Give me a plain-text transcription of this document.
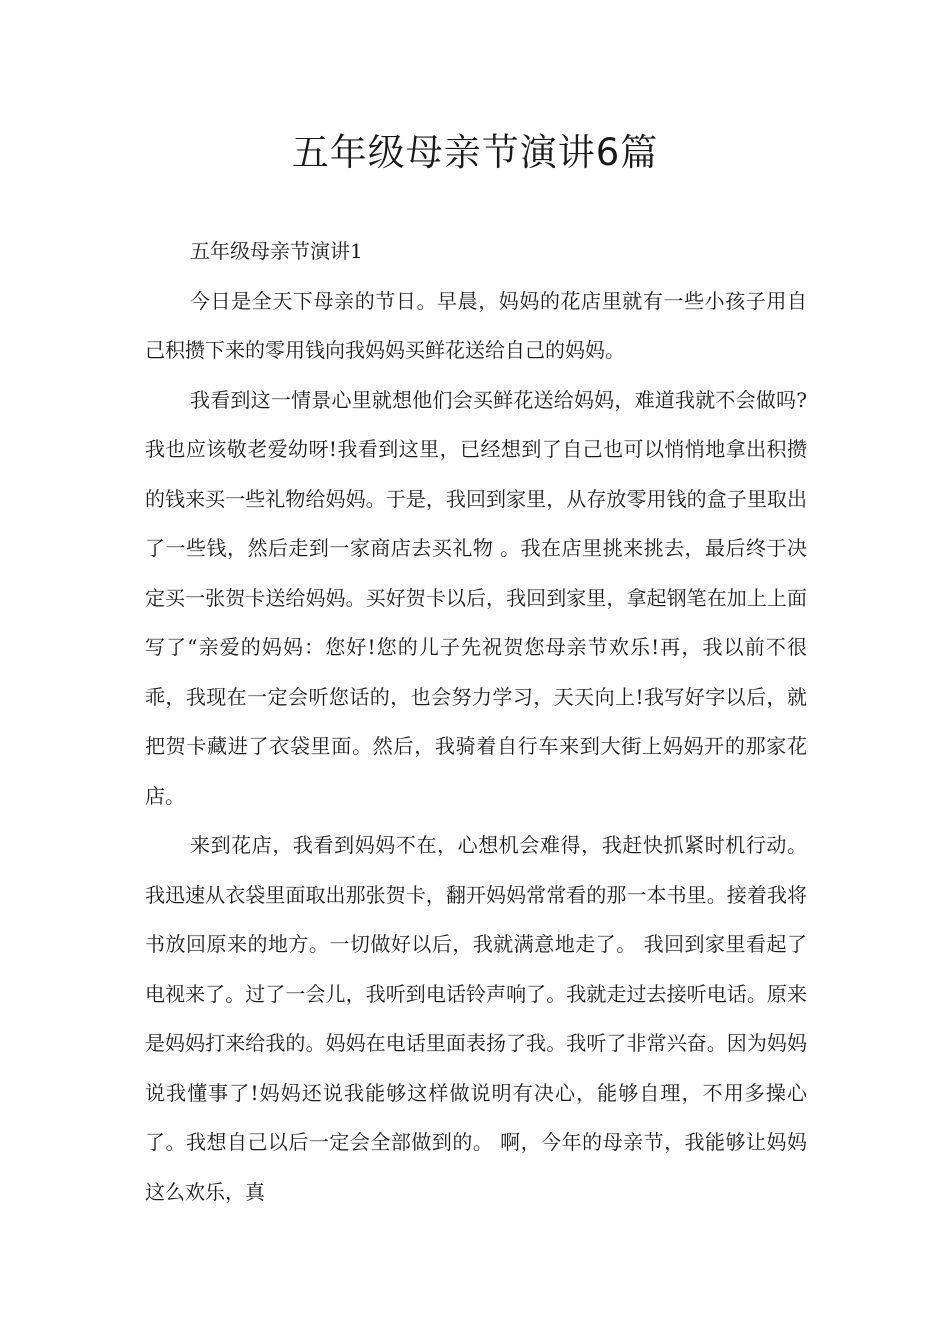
五年级母亲节演讲6篇

五年级母亲节演讲1

今日是全天下母亲的节日。早晨，妈妈的花店里就有一些小孩子用自己积攒下来的零用钱向我妈妈买鲜花送给自己的妈妈。

我看到这一情景心里就想他们会买鲜花送给妈妈，难道我就不会做吗?我也应该敬老爱幼呀!我看到这里，已经想到了自己也可以悄悄地拿出积攒的钱来买一些礼物给妈妈。于是，我回到家里，从存放零用钱的盒子里取出了一些钱，然后走到一家商店去买礼物 。我在店里挑来挑去，最后终于决定买一张贺卡送给妈妈。买好贺卡以后，我回到家里，拿起钢笔在加上上面写了“亲爱的妈妈：您好!您的儿子先祝贺您母亲节欢乐!再，我以前不很乖，我现在一定会听您话的，也会努力学习，天天向上!我写好字以后，就把贺卡藏进了衣袋里面。然后，我骑着自行车来到大街上妈妈开的那家花店。

来到花店，我看到妈妈不在，心想机会难得，我赶快抓紧时机行动。我迅速从衣袋里面取出那张贺卡，翻开妈妈常常看的那一本书里。接着我将书放回原来的地方。一切做好以后，我就满意地走了。 我回到家里看起了电视来了。过了一会儿，我听到电话铃声响了。我就走过去接听电话。原来是妈妈打来给我的。妈妈在电话里面表扬了我。我听了非常兴奋。因为妈妈说我懂事了!妈妈还说我能够这样做说明有决心，能够自理，不用多操心了。我想自己以后一定会全部做到的。 啊，今年的母亲节，我能够让妈妈这么欢乐，真
